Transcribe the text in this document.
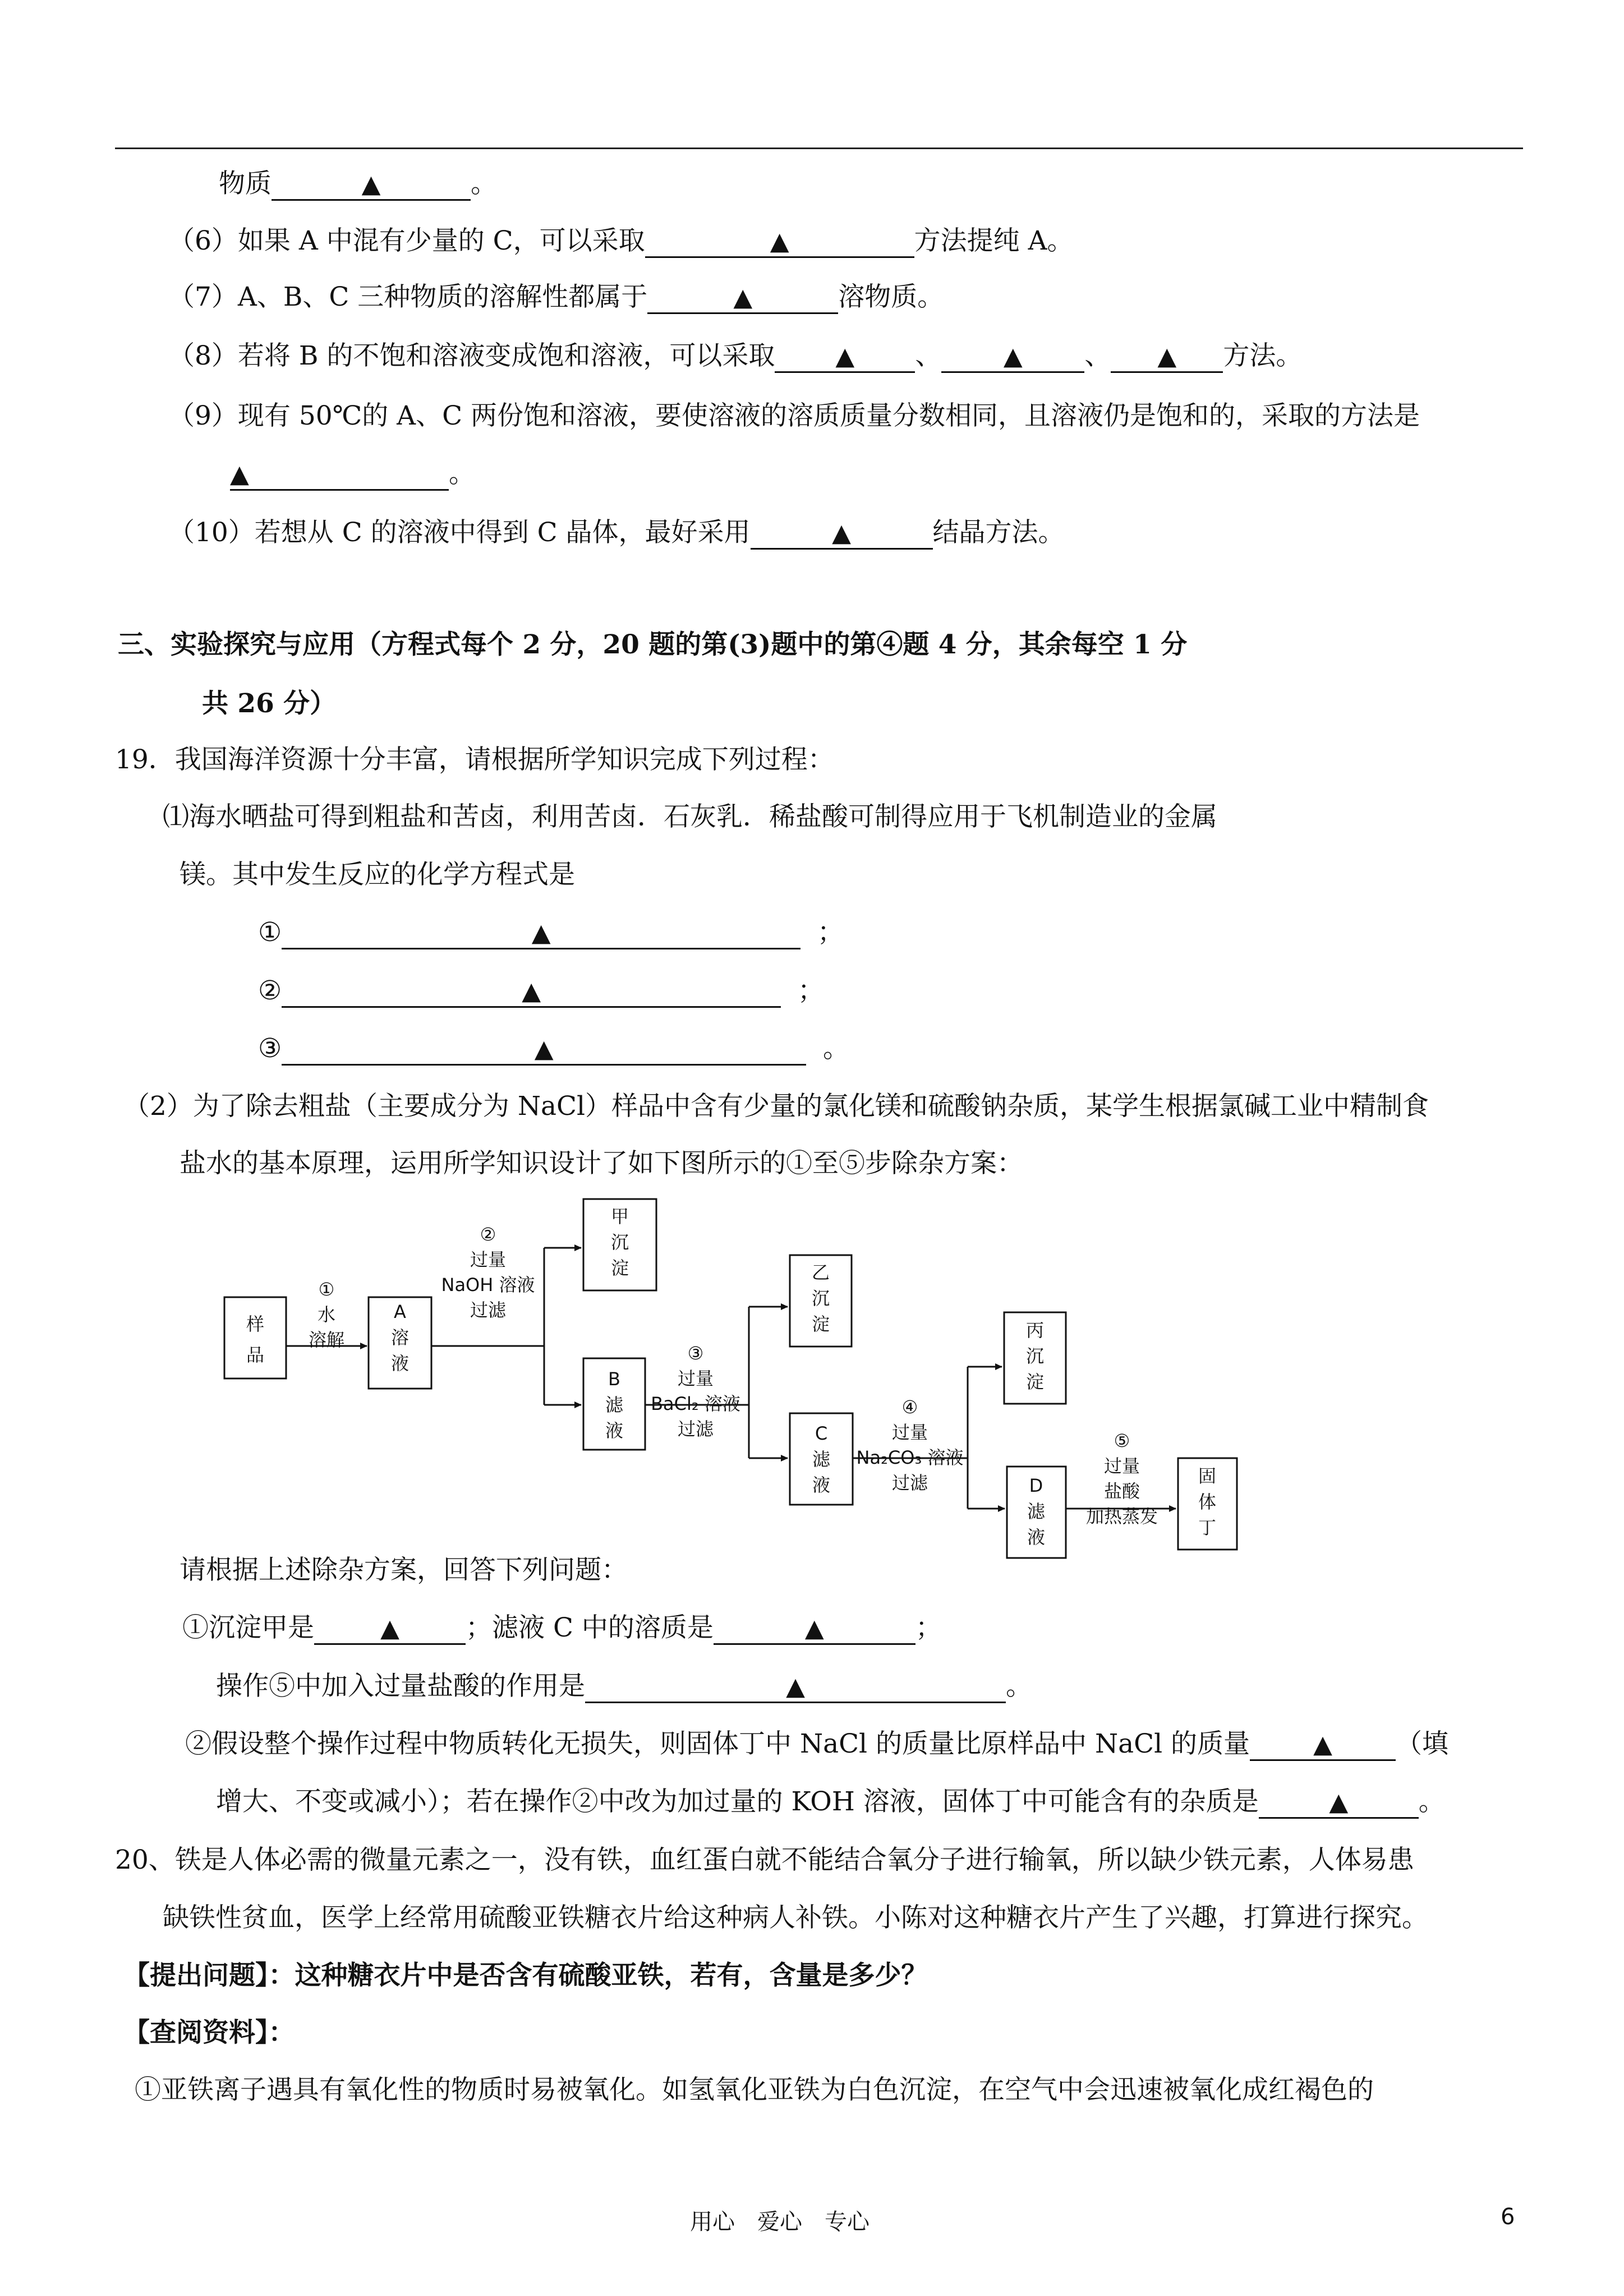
物质	▲	。
（6）如果 A 中混有少量的 C，可以采取	▲	方法提纯 A。
（7）A、B、C 三种物质的溶解性都属于	▲	溶物质。
（8）若将 B 的不饱和溶液变成饱和溶液，可以采取 ▲ 、	▲ 、 ▲ 方法。
（9）现有 50℃的 A、C 两份饱和溶液，要使溶液的溶质质量分数相同，且溶液仍是饱和的，采取的方法是
▲	。
（10）若想从 C 的溶液中得到 C 晶体，最好采用	▲	结晶方法。
三、实验探究与应用（方程式每个 2 分，20 题的第(3)题中的第④题 4 分，其余每空 1 分
共 26 分）
19．我国海洋资源十分丰富，请根据所学知识完成下列过程：
⑴海水晒盐可得到粗盐和苦卤，利用苦卤．石灰乳．稀盐酸可制得应用于飞机制造业的金属
镁。其中发生反应的化学方程式是
①	▲	；
②	▲	；
③	▲	。
（2）为了除去粗盐（主要成分为 NaCl）样品中含有少量的氯化镁和硫酸钠杂质，某学生根据氯碱工业中精制食
盐水的基本原理，运用所学知识设计了如下图所示的①至⑤步除杂方案：
样
品
①
水
溶解
A
溶
液
②
过量
NaOH 溶液
过滤
甲
沉
淀
B
滤
液
③
过量
BaCl₂ 溶液
过滤
乙
沉
淀
C
滤
液
④
过量
Na₂CO₃ 溶液
过滤
丙
沉
淀
D
滤
液
⑤
过量
盐酸
加热蒸发
固
体
丁
请根据上述除杂方案，回答下列问题：
①沉淀甲是	▲	；滤液 C 中的溶质是	▲	；
操作⑤中加入过量盐酸的作用是	▲	。
②假设整个操作过程中物质转化无损失，则固体丁中 NaCl 的质量比原样品中 NaCl 的质量	▲ （填
增大、不变或减小）；若在操作②中改为加过量的 KOH 溶液，固体丁中可能含有的杂质是	▲	。
20、铁是人体必需的微量元素之一，没有铁，血红蛋白就不能结合氧分子进行输氧，所以缺少铁元素，人体易患
缺铁性贫血，医学上经常用硫酸亚铁糖衣片给这种病人补铁。小陈对这种糖衣片产生了兴趣，打算进行探究。
【提出问题】：这种糖衣片中是否含有硫酸亚铁，若有，含量是多少？
【查阅资料】：
①亚铁离子遇具有氧化性的物质时易被氧化。如氢氧化亚铁为白色沉淀，在空气中会迅速被氧化成红褐色的
用心　爱心　专心	6
